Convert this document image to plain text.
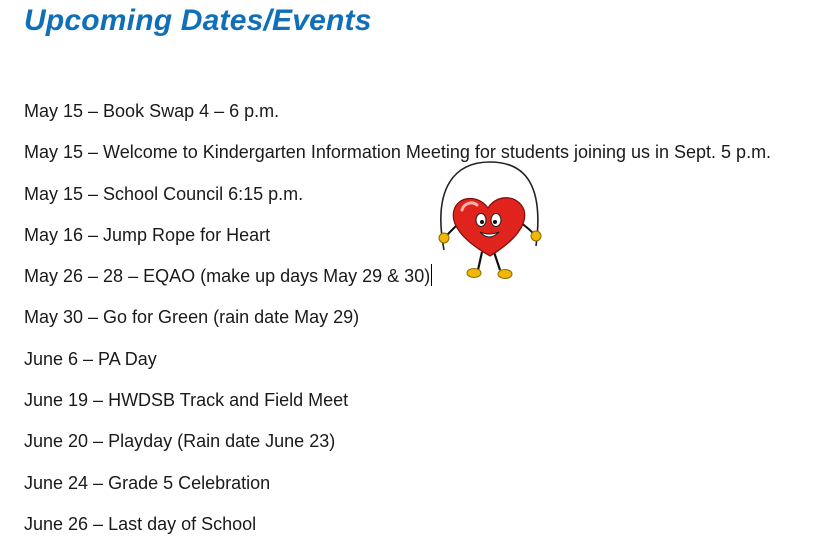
Upcoming Dates/Events
May 15 – Book Swap 4 – 6 p.m.
May 15 – Welcome to Kindergarten Information Meeting for students joining us in Sept. 5 p.m.
May 15 – School Council 6:15 p.m.
May 16 – Jump Rope for Heart
May 26 – 28 – EQAO (make up days May 29 & 30)
May 30 – Go for Green (rain date May 29)
June 6 – PA Day
June 19 – HWDSB Track and Field Meet
June 20 – Playday (Rain date June 23)
June 24 – Grade 5 Celebration
June 26 – Last day of School
